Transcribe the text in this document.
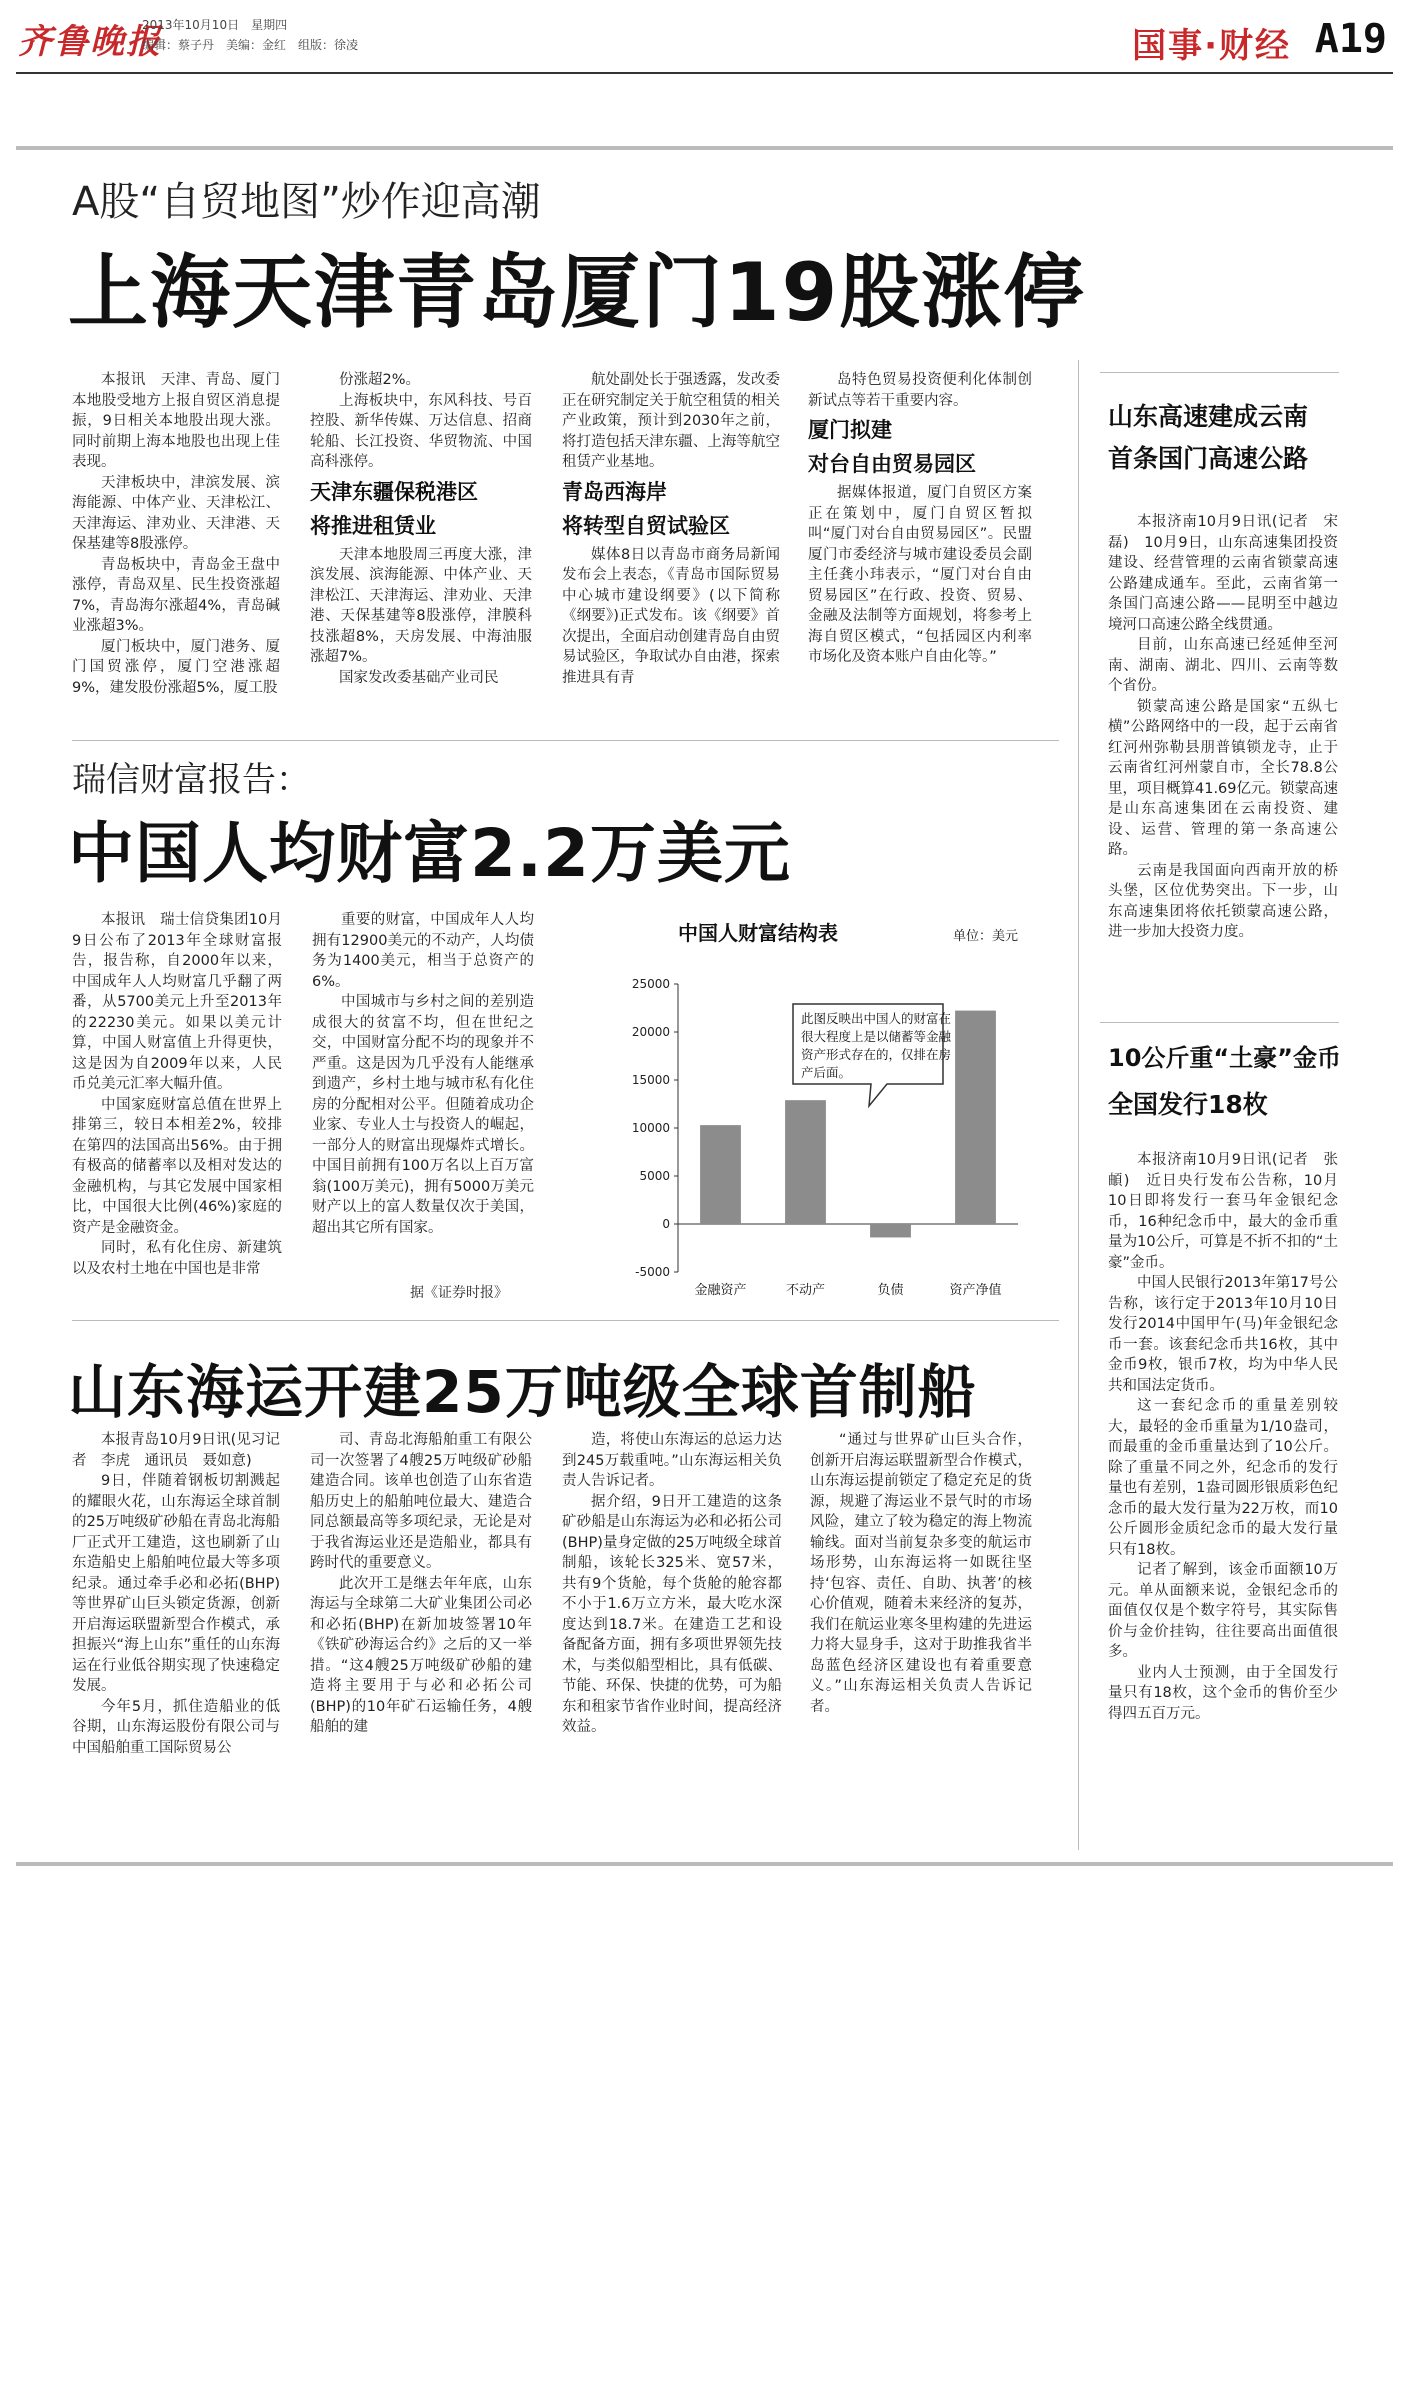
齐鲁晚报
2013年10月10日　星期四
编辑：蔡子丹　美编：金红　组版：徐凌	国事·财经 A19
A股“自贸地图”炒作迎高潮
上海天津青岛厦门19股涨停

本报讯　天津、青岛、厦门本地股受地方上报自贸区消息提振，9日相关本地股出现大涨。同时前期上海本地股也出现上佳表现。

天津板块中，津滨发展、滨海能源、中体产业、天津松江、天津海运、津劝业、天津港、天保基建等8股涨停。

青岛板块中，青岛金王盘中涨停，青岛双星、民生投资涨超7%，青岛海尔涨超4%，青岛碱业涨超3%。

厦门板块中，厦门港务、厦门国贸涨停，厦门空港涨超9%，建发股份涨超5%，厦工股

份涨超2%。

上海板块中，东风科技、号百控股、新华传媒、万达信息、招商轮船、长江投资、华贸物流、中国高科涨停。

天津东疆保税港区
将推进租赁业

天津本地股周三再度大涨，津滨发展、滨海能源、中体产业、天津松江、天津海运、津劝业、天津港、天保基建等8股涨停，津膜科技涨超8%，天房发展、中海油服涨超7%。

国家发改委基础产业司民

航处副处长于强透露，发改委正在研究制定关于航空租赁的相关产业政策，预计到2030年之前，将打造包括天津东疆、上海等航空租赁产业基地。

青岛西海岸
将转型自贸试验区

媒体8日以青岛市商务局新闻发布会上表态，《青岛市国际贸易中心城市建设纲要》(以下简称《纲要》)正式发布。该《纲要》首次提出，全面启动创建青岛自由贸易试验区，争取试办自由港，探索推进具有青

岛特色贸易投资便利化体制创新试点等若干重要内容。

厦门拟建
对台自由贸易园区

据媒体报道，厦门自贸区方案正在策划中，厦门自贸区暂拟叫“厦门对台自由贸易园区”。民盟厦门市委经济与城市建设委员会副主任龚小玮表示，“厦门对台自由贸易园区”在行政、投资、贸易、金融及法制等方面规划，将参考上海自贸区模式，“包括园区内利率市场化及资本账户自由化等。”

瑞信财富报告：
中国人均财富2.2万美元

本报讯　瑞士信贷集团10月9日公布了2013年全球财富报告，报告称，自2000年以来，中国成年人人均财富几乎翻了两番，从5700美元上升至2013年的22230美元。如果以美元计算，中国人财富值上升得更快，这是因为自2009年以来，人民币兑美元汇率大幅升值。

中国家庭财富总值在世界上排第三，较日本相差2%，较排在第四的法国高出56%。由于拥有极高的储蓄率以及相对发达的金融机构，与其它发展中国家相比，中国很大比例(46%)家庭的资产是金融资金。

同时，私有化住房、新建筑以及农村土地在中国也是非常

重要的财富，中国成年人人均拥有12900美元的不动产，人均债务为1400美元，相当于总资产的6%。

中国城市与乡村之间的差别造成很大的贫富不均，但在世纪之交，中国财富分配不均的现象并不严重。这是因为几乎没有人能继承到遗产，乡村土地与城市私有化住房的分配相对公平。但随着成功企业家、专业人士与投资人的崛起，一部分人的财富出现爆炸式增长。中国目前拥有100万名以上百万富翁(100万美元)，拥有5000万美元财产以上的富人数量仅次于美国，超出其它所有国家。

据《证券时报》
中国人财富结构表	单位：美元
-5000
0
5000
10000
15000
20000
25000
金融资产	不动产	负债	资产净值
此图反映出中国人的财富在
很大程度上是以储蓄等金融
资产形式存在的，仅排在房
产后面。
山东海运开建25万吨级全球首制船

本报青岛10月9日讯(见习记者　李虎　通讯员　聂如意)

9日，伴随着钢板切割溅起的耀眼火花，山东海运全球首制的25万吨级矿砂船在青岛北海船厂正式开工建造，这也刷新了山东造船史上船舶吨位最大等多项纪录。通过牵手必和必拓(BHP)等世界矿山巨头锁定货源，创新开启海运联盟新型合作模式，承担振兴“海上山东”重任的山东海运在行业低谷期实现了快速稳定发展。

今年5月，抓住造船业的低谷期，山东海运股份有限公司与中国船舶重工国际贸易公

司、青岛北海船舶重工有限公司一次签署了4艘25万吨级矿砂船建造合同。该单也创造了山东省造船历史上的船舶吨位最大、建造合同总额最高等多项纪录，无论是对于我省海运业还是造船业，都具有跨时代的重要意义。

此次开工是继去年年底，山东海运与全球第二大矿业集团公司必和必拓(BHP)在新加坡签署10年《铁矿砂海运合约》之后的又一举措。“这4艘25万吨级矿砂船的建造将主要用于与必和必拓公司(BHP)的10年矿石运输任务，4艘船舶的建

造，将使山东海运的总运力达到245万载重吨。”山东海运相关负责人告诉记者。

据介绍，9日开工建造的这条矿砂船是山东海运为必和必拓公司(BHP)量身定做的25万吨级全球首制船，该轮长325米、宽57米，共有9个货舱，每个货舱的舱容都不小于1.6万立方米，最大吃水深度达到18.7米。在建造工艺和设备配备方面，拥有多项世界领先技术，与类似船型相比，具有低碳、节能、环保、快捷的优势，可为船东和租家节省作业时间，提高经济效益。

“通过与世界矿山巨头合作，创新开启海运联盟新型合作模式，山东海运提前锁定了稳定充足的货源，规避了海运业不景气时的市场风险，建立了较为稳定的海上物流输线。面对当前复杂多变的航运市场形势，山东海运将一如既往坚持‘包容、责任、自助、执著’的核心价值观，随着未来经济的复苏，我们在航运业寒冬里构建的先进运力将大显身手，这对于助推我省半岛蓝色经济区建设也有着重要意义。”山东海运相关负责人告诉记者。

山东高速建成云南
首条国门高速公路

本报济南10月9日讯(记者　宋磊)　10月9日，山东高速集团投资建设、经营管理的云南省锁蒙高速公路建成通车。至此，云南省第一条国门高速公路——昆明至中越边境河口高速公路全线贯通。

目前，山东高速已经延伸至河南、湖南、湖北、四川、云南等数个省份。

锁蒙高速公路是国家“五纵七横”公路网络中的一段，起于云南省红河州弥勒县朋普镇锁龙寺，止于云南省红河州蒙自市，全长78.8公里，项目概算41.69亿元。锁蒙高速是山东高速集团在云南投资、建设、运营、管理的第一条高速公路。

云南是我国面向西南开放的桥头堡，区位优势突出。下一步，山东高速集团将依托锁蒙高速公路，进一步加大投资力度。

10公斤重“土豪”金币
全国发行18枚

本报济南10月9日讯(记者　张頔)　近日央行发布公告称，10月10日即将发行一套马年金银纪念币，16种纪念币中，最大的金币重量为10公斤，可算是不折不扣的“土豪”金币。

中国人民银行2013年第17号公告称，该行定于2013年10月10日发行2014中国甲午(马)年金银纪念币一套。该套纪念币共16枚，其中金币9枚，银币7枚，均为中华人民共和国法定货币。

这一套纪念币的重量差别较大，最轻的金币重量为1/10盎司，而最重的金币重量达到了10公斤。除了重量不同之外，纪念币的发行量也有差别，1盎司圆形银质彩色纪念币的最大发行量为22万枚，而10公斤圆形金质纪念币的最大发行量只有18枚。

记者了解到，该金币面额10万元。单从面额来说，金银纪念币的面值仅仅是个数字符号，其实际售价与金价挂钩，往往要高出面值很多。

业内人士预测，由于全国发行量只有18枚，这个金币的售价至少得四五百万元。
